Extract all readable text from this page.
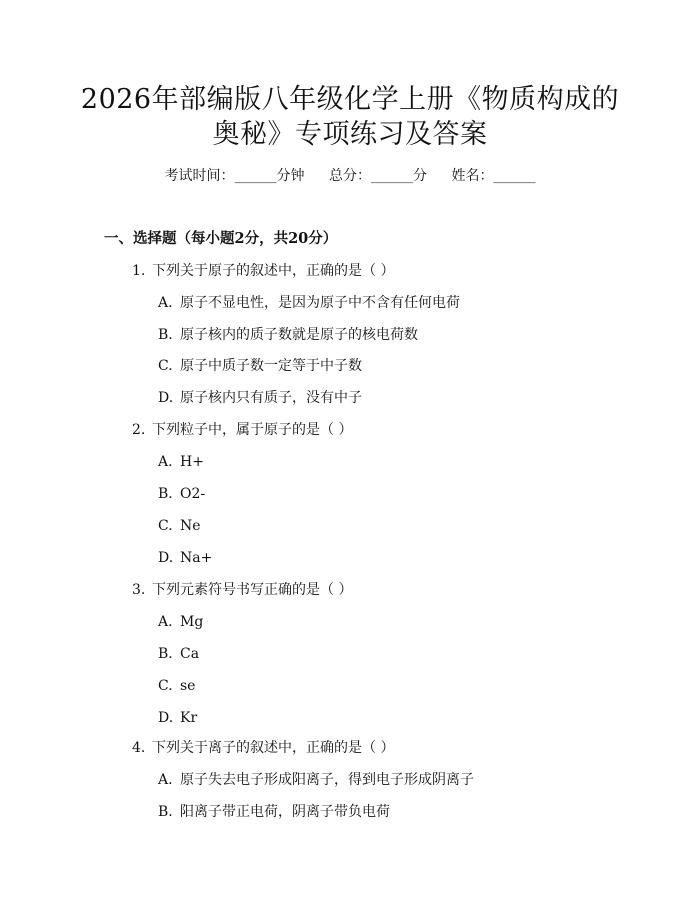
2026年部编版八年级化学上册《物质构成的
奥秘》专项练习及答案
考试时间：______分钟 总分：______分 姓名：______
一、选择题（每小题2分，共20分）
1. 下列关于原子的叙述中，正确的是（ ）
A. 原子不显电性，是因为原子中不含有任何电荷
B. 原子核内的质子数就是原子的核电荷数
C. 原子中质子数一定等于中子数
D. 原子核内只有质子，没有中子
2. 下列粒子中，属于原子的是（ ）
A. H+
B. O2-
C. Ne
D. Na+
3. 下列元素符号书写正确的是（ ）
A. Mg
B. Ca
C. se
D. Kr
4. 下列关于离子的叙述中，正确的是（ ）
A. 原子失去电子形成阳离子，得到电子形成阴离子
B. 阳离子带正电荷，阴离子带负电荷
